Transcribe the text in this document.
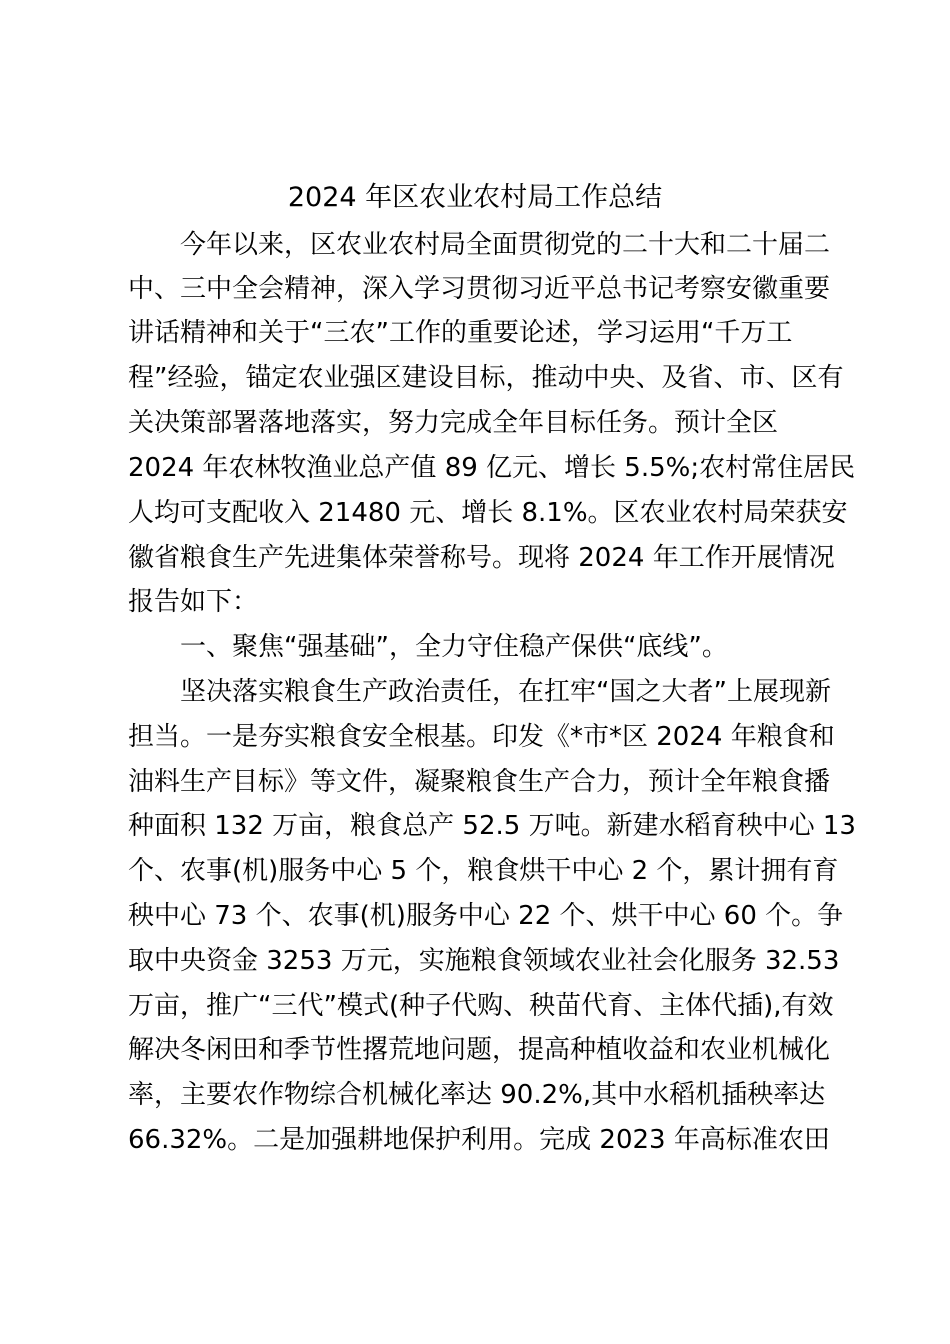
2024 年区农业农村局工作总结
今年以来，区农业农村局全面贯彻党的二十大和二十届二
中、三中全会精神，深入学习贯彻习近平总书记考察安徽重要
讲话精神和关于“三农”工作的重要论述，学习运用“千万工
程”经验，锚定农业强区建设目标，推动中央、及省、市、区有
关决策部署落地落实，努力完成全年目标任务。预计全区
2024 年农林牧渔业总产值 89 亿元、增长 5.5%;农村常住居民
人均可支配收入 21480 元、增长 8.1%。区农业农村局荣获安
徽省粮食生产先进集体荣誉称号。现将 2024 年工作开展情况
报告如下：
一、聚焦“强基础”，全力守住稳产保供“底线”。
坚决落实粮食生产政治责任，在扛牢“国之大者”上展现新
担当。一是夯实粮食安全根基。印发《*市*区 2024 年粮食和
油料生产目标》等文件，凝聚粮食生产合力，预计全年粮食播
种面积 132 万亩，粮食总产 52.5 万吨。新建水稻育秧中心 13
个、农事(机)服务中心 5 个，粮食烘干中心 2 个，累计拥有育
秧中心 73 个、农事(机)服务中心 22 个、烘干中心 60 个。争
取中央资金 3253 万元，实施粮食领域农业社会化服务 32.53
万亩，推广“三代”模式(种子代购、秧苗代育、主体代插),有效
解决冬闲田和季节性撂荒地问题，提高种植收益和农业机械化
率，主要农作物综合机械化率达 90.2%,其中水稻机插秧率达
66.32%。二是加强耕地保护利用。完成 2023 年高标准农田
